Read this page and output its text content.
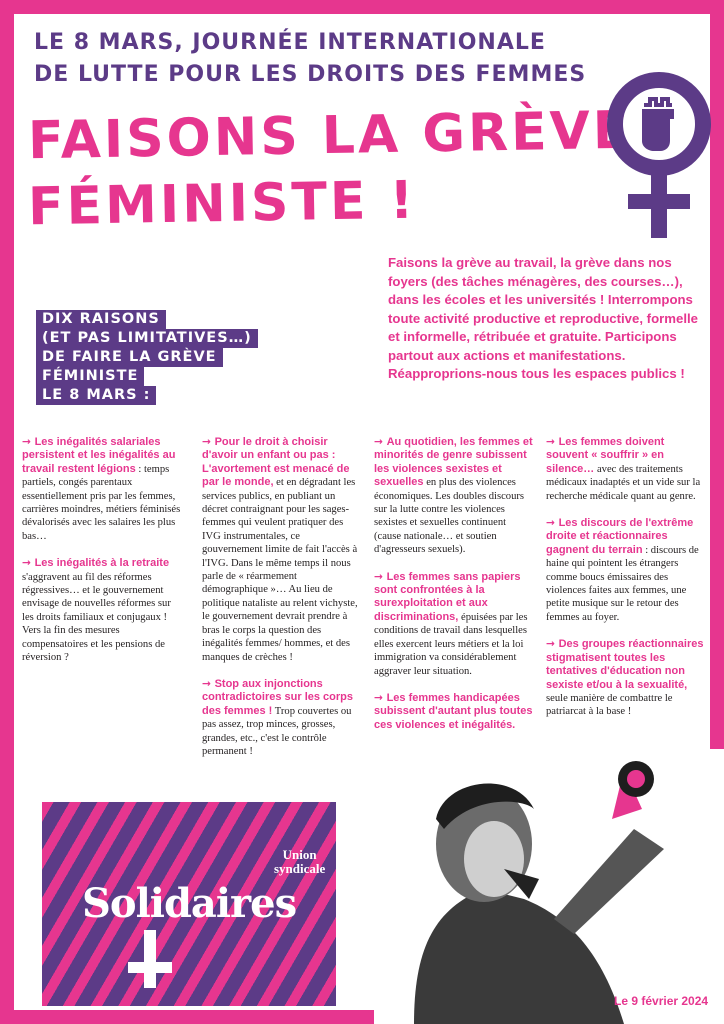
LE 8 MARS, JOURNÉE INTERNATIONALE
DE LUTTE POUR LES DROITS DES FEMMES
FAISONS LA GRÈVE
FÉMINISTE !
Faisons la grève au travail, la grève dans nos foyers (des tâches ménagères, des courses…), dans les écoles et les universités ! Interrompons toute activité productive et reproductive, formelle et informelle, rétribuée et gratuite. Participons partout aux actions et manifestations. Réapproprions-nous tous les espaces publics !
DIX RAISONS
(ET PAS LIMITATIVES…)
DE FAIRE LA GRÈVE
FÉMINISTE
LE 8 MARS :
→ Les inégalités salariales persistent et les inégalités au travail restent légions : temps partiels, congés parentaux essentiellement pris par les femmes, carrières moindres, métiers féminisés dévalorisés avec les salaires les plus bas…
→ Les inégalités à la retraite s'aggravent au fil des réformes régressives… et le gouvernement envisage de nouvelles réformes sur les droits familiaux et conjugaux ! Vers la fin des mesures compensatoires et les pensions de réversion ?
→ Pour le droit à choisir d'avoir un enfant ou pas : L'avortement est menacé de par le monde, et en dégradant les services publics, en publiant un décret contraignant pour les sages-femmes qui veulent pratiquer des IVG instrumentales, ce gouvernement limite de fait l'accès à l'IVG. Dans le même temps il nous parle de « réarmement démographique »… Au lieu de politique nataliste au relent vichyste, le gouvernement devrait prendre à bras le corps la question des inégalités femmes/ hommes, et des manques de crèches !
→ Stop aux injonctions contradictoires sur les corps des femmes ! Trop couvertes ou pas assez, trop minces, grosses, grandes, etc., c'est le contrôle permanent !
→ Au quotidien, les femmes et minorités de genre subissent les violences sexistes et sexuelles en plus des violences économiques. Les doubles discours sur la lutte contre les violences sexistes et sexuelles continuent (cause nationale… et soutien d'agresseurs sexuels).
→ Les femmes sans papiers sont confrontées à la surexploitation et aux discriminations, épuisées par les conditions de travail dans lesquelles elles exercent leurs métiers et la loi immigration va considérablement aggraver leur situation.
→ Les femmes handicapées subissent d'autant plus toutes ces violences et inégalités.
→ Les femmes doivent souvent « souffrir » en silence… avec des traitements médicaux inadaptés et un vide sur la recherche médicale quant au genre.
→ Les discours de l'extrême droite et réactionnaires gagnent du terrain : discours de haine qui pointent les étrangers comme boucs émissaires des violences faites aux femmes, une petite musique sur le retour des femmes au foyer.
→ Des groupes réactionnaires stigmatisent toutes les tentatives d'éducation non sexiste et/ou à la sexualité, seule manière de combattre le patriarcat à la base !
Union
syndicale
Solidaires
Le 9 février 2024
